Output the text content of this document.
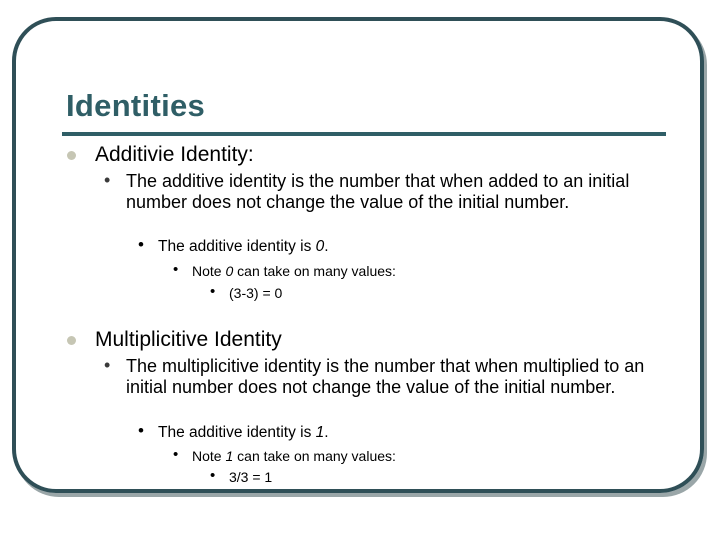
Identities
Additivie Identity:
• The additive identity is the number that when added to an initial number does not change the value of the initial number.
• The additive identity is 0.
• Note 0 can take on many values:
• (3-3) = 0
Multiplicitive Identity
• The multiplicitive identity is the number that when multiplied to an initial number does not change the value of the initial number.
• The additive identity is 1.
• Note 1 can take on many values:
• 3/3 = 1
